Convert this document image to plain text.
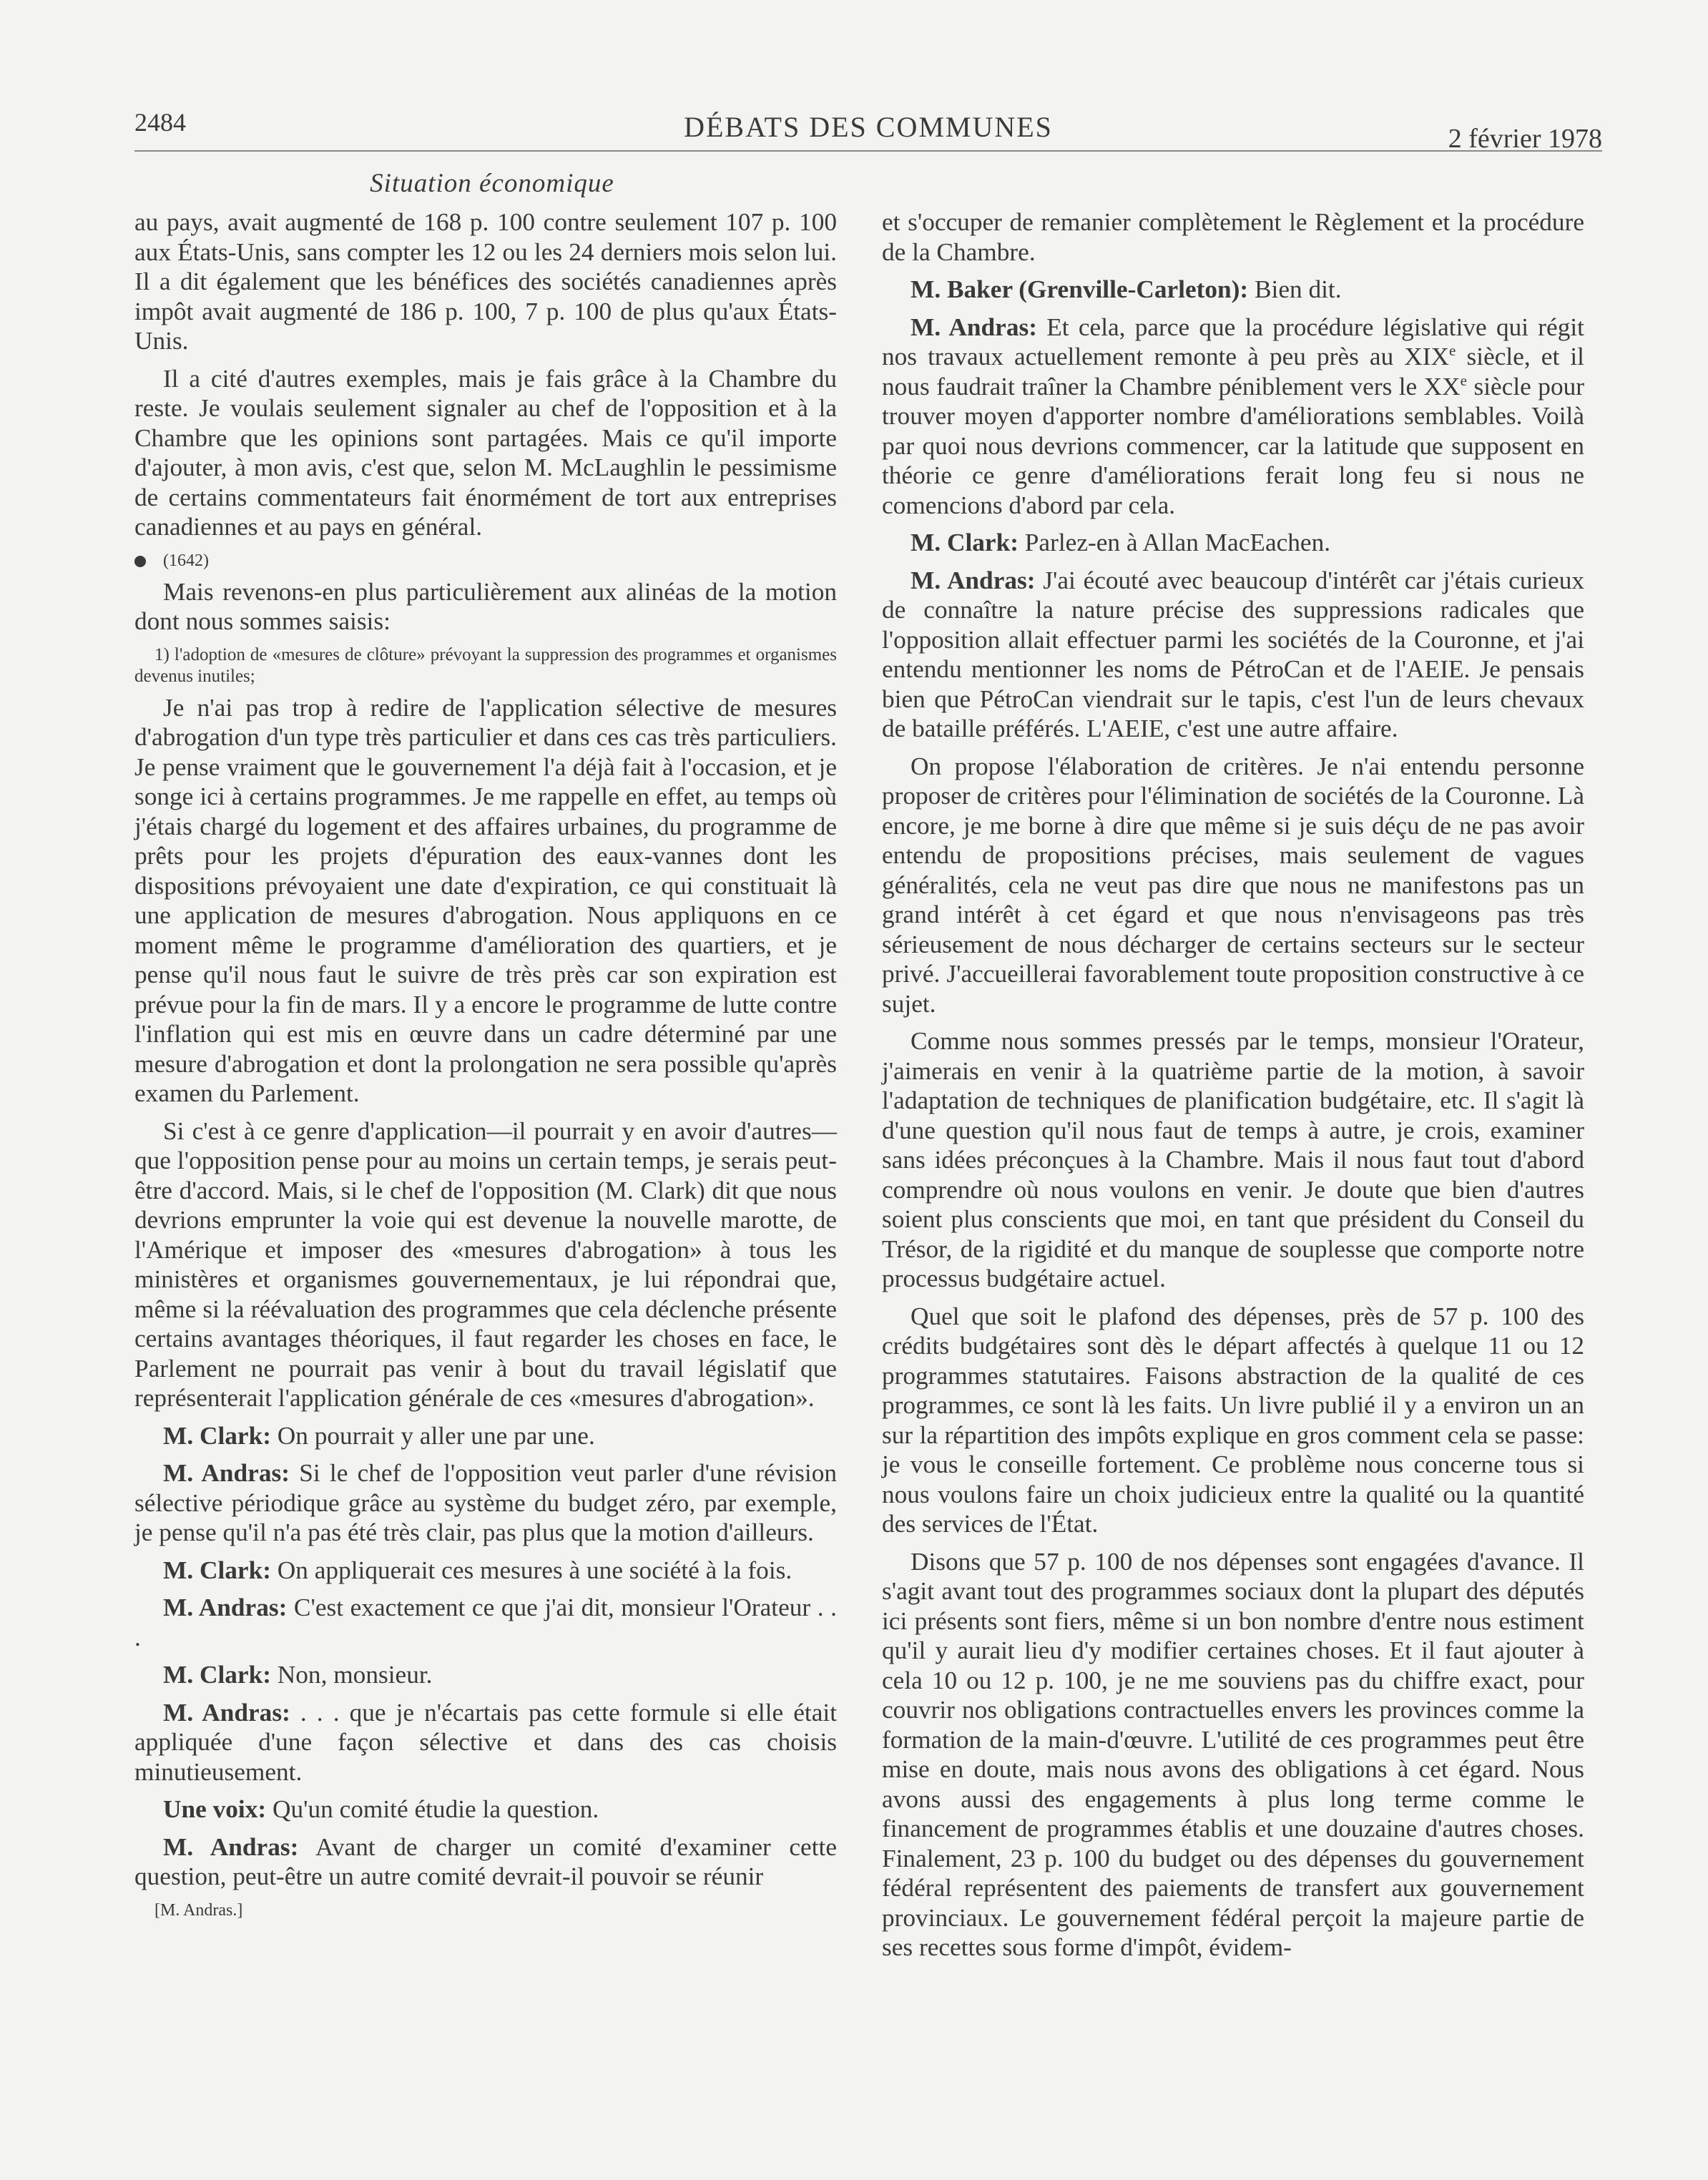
2484	DÉBATS DES COMMUNES	2 février 1978
Situation économique

au pays, avait augmenté de 168 p. 100 contre seulement 107 p. 100 aux États-Unis, sans compter les 12 ou les 24 derniers mois selon lui. Il a dit également que les bénéfices des sociétés canadiennes après impôt avait augmenté de 186 p. 100, 7 p. 100 de plus qu'aux États-Unis.

Il a cité d'autres exemples, mais je fais grâce à la Chambre du reste. Je voulais seulement signaler au chef de l'opposition et à la Chambre que les opinions sont partagées. Mais ce qu'il importe d'ajouter, à mon avis, c'est que, selon M. McLaughlin le pessimisme de certains commentateurs fait énormément de tort aux entreprises canadiennes et au pays en général.

(1642)

Mais revenons-en plus particulièrement aux alinéas de la motion dont nous sommes saisis:

1) l'adoption de «mesures de clôture» prévoyant la suppression des programmes et organismes devenus inutiles;

Je n'ai pas trop à redire de l'application sélective de mesures d'abrogation d'un type très particulier et dans ces cas très particuliers. Je pense vraiment que le gouvernement l'a déjà fait à l'occasion, et je songe ici à certains programmes. Je me rappelle en effet, au temps où j'étais chargé du logement et des affaires urbaines, du programme de prêts pour les projets d'épuration des eaux-vannes dont les dispositions prévoyaient une date d'expiration, ce qui constituait là une application de mesures d'abrogation. Nous appliquons en ce moment même le programme d'amélioration des quartiers, et je pense qu'il nous faut le suivre de très près car son expiration est prévue pour la fin de mars. Il y a encore le programme de lutte contre l'inflation qui est mis en œuvre dans un cadre déterminé par une mesure d'abrogation et dont la prolongation ne sera possible qu'après examen du Parlement.

Si c'est à ce genre d'application—il pourrait y en avoir d'autres—que l'opposition pense pour au moins un certain temps, je serais peut-être d'accord. Mais, si le chef de l'opposition (M. Clark) dit que nous devrions emprunter la voie qui est devenue la nouvelle marotte, de l'Amérique et imposer des «mesures d'abrogation» à tous les ministères et organismes gouvernementaux, je lui répondrai que, même si la réévaluation des programmes que cela déclenche présente certains avantages théoriques, il faut regarder les choses en face, le Parlement ne pourrait pas venir à bout du travail législatif que représenterait l'application générale de ces «mesures d'abrogation».

M. Clark: On pourrait y aller une par une.

M. Andras: Si le chef de l'opposition veut parler d'une révision sélective périodique grâce au système du budget zéro, par exemple, je pense qu'il n'a pas été très clair, pas plus que la motion d'ailleurs.

M. Clark: On appliquerait ces mesures à une société à la fois.

M. Andras: C'est exactement ce que j'ai dit, monsieur l'Orateur . . .

M. Clark: Non, monsieur.

M. Andras: . . . que je n'écartais pas cette formule si elle était appliquée d'une façon sélective et dans des cas choisis minutieusement.

Une voix: Qu'un comité étudie la question.

M. Andras: Avant de charger un comité d'examiner cette question, peut-être un autre comité devrait-il pouvoir se réunir

[M. Andras.]

et s'occuper de remanier complètement le Règlement et la procédure de la Chambre.

M. Baker (Grenville-Carleton): Bien dit.

M. Andras: Et cela, parce que la procédure législative qui régit nos travaux actuellement remonte à peu près au XIXe siècle, et il nous faudrait traîner la Chambre péniblement vers le XXe siècle pour trouver moyen d'apporter nombre d'améliorations semblables. Voilà par quoi nous devrions commencer, car la latitude que supposent en théorie ce genre d'améliorations ferait long feu si nous ne comencions d'abord par cela.

M. Clark: Parlez-en à Allan MacEachen.

M. Andras: J'ai écouté avec beaucoup d'intérêt car j'étais curieux de connaître la nature précise des suppressions radicales que l'opposition allait effectuer parmi les sociétés de la Couronne, et j'ai entendu mentionner les noms de PétroCan et de l'AEIE. Je pensais bien que PétroCan viendrait sur le tapis, c'est l'un de leurs chevaux de bataille préférés. L'AEIE, c'est une autre affaire.

On propose l'élaboration de critères. Je n'ai entendu personne proposer de critères pour l'élimination de sociétés de la Couronne. Là encore, je me borne à dire que même si je suis déçu de ne pas avoir entendu de propositions précises, mais seulement de vagues généralités, cela ne veut pas dire que nous ne manifestons pas un grand intérêt à cet égard et que nous n'envisageons pas très sérieusement de nous décharger de certains secteurs sur le secteur privé. J'accueillerai favorablement toute proposition constructive à ce sujet.

Comme nous sommes pressés par le temps, monsieur l'Orateur, j'aimerais en venir à la quatrième partie de la motion, à savoir l'adaptation de techniques de planification budgétaire, etc. Il s'agit là d'une question qu'il nous faut de temps à autre, je crois, examiner sans idées préconçues à la Chambre. Mais il nous faut tout d'abord comprendre où nous voulons en venir. Je doute que bien d'autres soient plus conscients que moi, en tant que président du Conseil du Trésor, de la rigidité et du manque de souplesse que comporte notre processus budgétaire actuel.

Quel que soit le plafond des dépenses, près de 57 p. 100 des crédits budgétaires sont dès le départ affectés à quelque 11 ou 12 programmes statutaires. Faisons abstraction de la qualité de ces programmes, ce sont là les faits. Un livre publié il y a environ un an sur la répartition des impôts explique en gros comment cela se passe: je vous le conseille fortement. Ce problème nous concerne tous si nous voulons faire un choix judicieux entre la qualité ou la quantité des services de l'État.

Disons que 57 p. 100 de nos dépenses sont engagées d'avance. Il s'agit avant tout des programmes sociaux dont la plupart des députés ici présents sont fiers, même si un bon nombre d'entre nous estiment qu'il y aurait lieu d'y modifier certaines choses. Et il faut ajouter à cela 10 ou 12 p. 100, je ne me souviens pas du chiffre exact, pour couvrir nos obligations contractuelles envers les provinces comme la formation de la main-d'œuvre. L'utilité de ces programmes peut être mise en doute, mais nous avons des obligations à cet égard. Nous avons aussi des engagements à plus long terme comme le financement de programmes établis et une douzaine d'autres choses. Finalement, 23 p. 100 du budget ou des dépenses du gouvernement fédéral représentent des paiements de transfert aux gouvernement provinciaux. Le gouvernement fédéral perçoit la majeure partie de ses recettes sous forme d'impôt, évidem-
